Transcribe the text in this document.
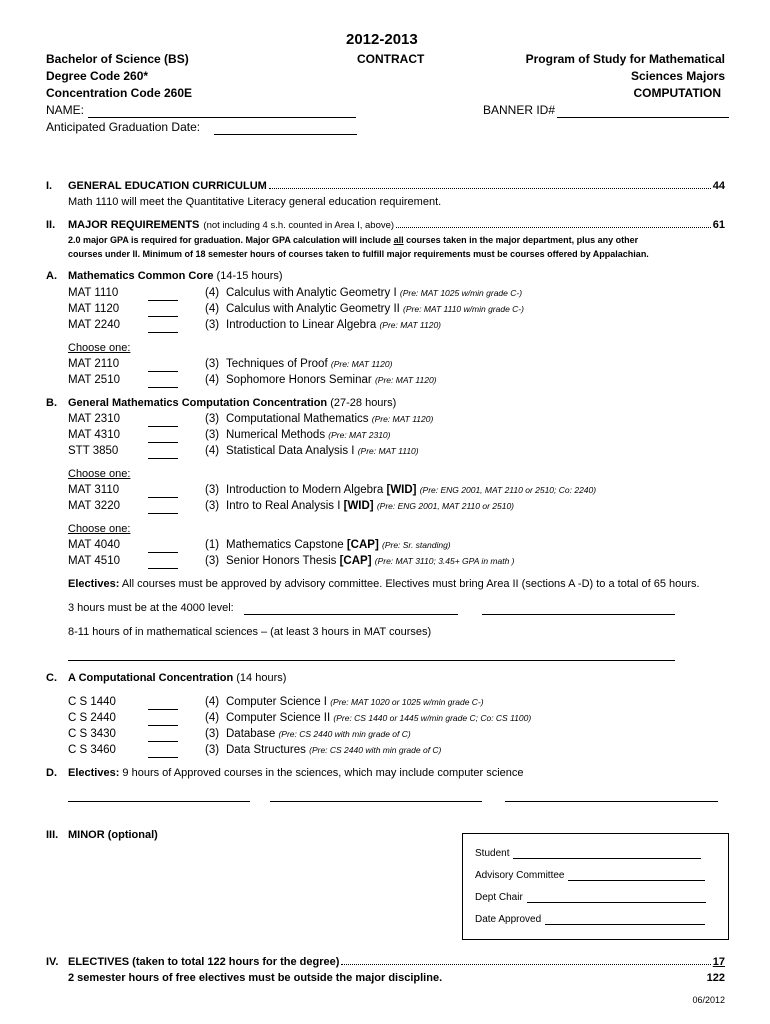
2012-2013
CONTRACT
Bachelor of Science (BS)
Degree Code 260*
Concentration Code 260E
Program of Study for Mathematical
Sciences Majors
COMPUTATION
NAME:	BANNER ID#
Anticipated Graduation Date:
I. GENERAL EDUCATION CURRICULUM	44
Math 1110 will meet the Quantitative Literacy general education requirement.
II. MAJOR REQUIREMENTS (not including 4 s.h. counted in Area I, above)	61
2.0 major GPA is required for graduation. Major GPA calculation will include all courses taken in the major department, plus any other
courses under II. Minimum of 18 semester hours of courses taken to fulfill major requirements must be courses offered by Appalachian.
A. Mathematics Common Core (14-15 hours)
MAT 1110	(4) Calculus with Analytic Geometry I (Pre: MAT 1025 w/min grade C-)
MAT 1120	(4) Calculus with Analytic Geometry II (Pre: MAT 1110 w/min grade C-)
MAT 2240	(3) Introduction to Linear Algebra (Pre: MAT 1120)
Choose one:
MAT 2110	(3) Techniques of Proof (Pre: MAT 1120)
MAT 2510	(4) Sophomore Honors Seminar (Pre: MAT 1120)
B. General Mathematics Computation Concentration (27-28 hours)
MAT 2310	(3) Computational Mathematics (Pre: MAT 1120)
MAT 4310	(3) Numerical Methods (Pre: MAT 2310)
STT 3850	(4) Statistical Data Analysis I (Pre: MAT 1110)
Choose one:
MAT 3110	(3) Introduction to Modern Algebra [WID] (Pre: ENG 2001, MAT 2110 or 2510; Co: 2240)
MAT 3220	(3) Intro to Real Analysis I [WID] (Pre: ENG 2001, MAT 2110 or 2510)
Choose one:
MAT 4040	(1) Mathematics Capstone [CAP] (Pre: Sr. standing)
MAT 4510	(3) Senior Honors Thesis [CAP] (Pre: MAT 3110; 3.45+ GPA in math )
Electives: All courses must be approved by advisory committee. Electives must bring Area II (sections A -D) to a total of 65 hours.
3 hours must be at the 4000 level:
8-11 hours of in mathematical sciences – (at least 3 hours in MAT courses)
C. A Computational Concentration (14 hours)
C S 1440	(4) Computer Science I (Pre: MAT 1020 or 1025 w/min grade C-)
C S 2440	(4) Computer Science II (Pre: CS 1440 or 1445 w/min grade C; Co: CS 1100)
C S 3430	(3) Database (Pre: CS 2440 with min grade of C)
C S 3460	(3) Data Structures (Pre: CS 2440 with min grade of C)
D. Electives: 9 hours of Approved courses in the sciences, which may include computer science
III. MINOR (optional)
Student
Advisory Committee
Dept Chair
Date Approved
IV. ELECTIVES (taken to total 122 hours for the degree)	17
2 semester hours of free electives must be outside the major discipline.	122
06/2012
